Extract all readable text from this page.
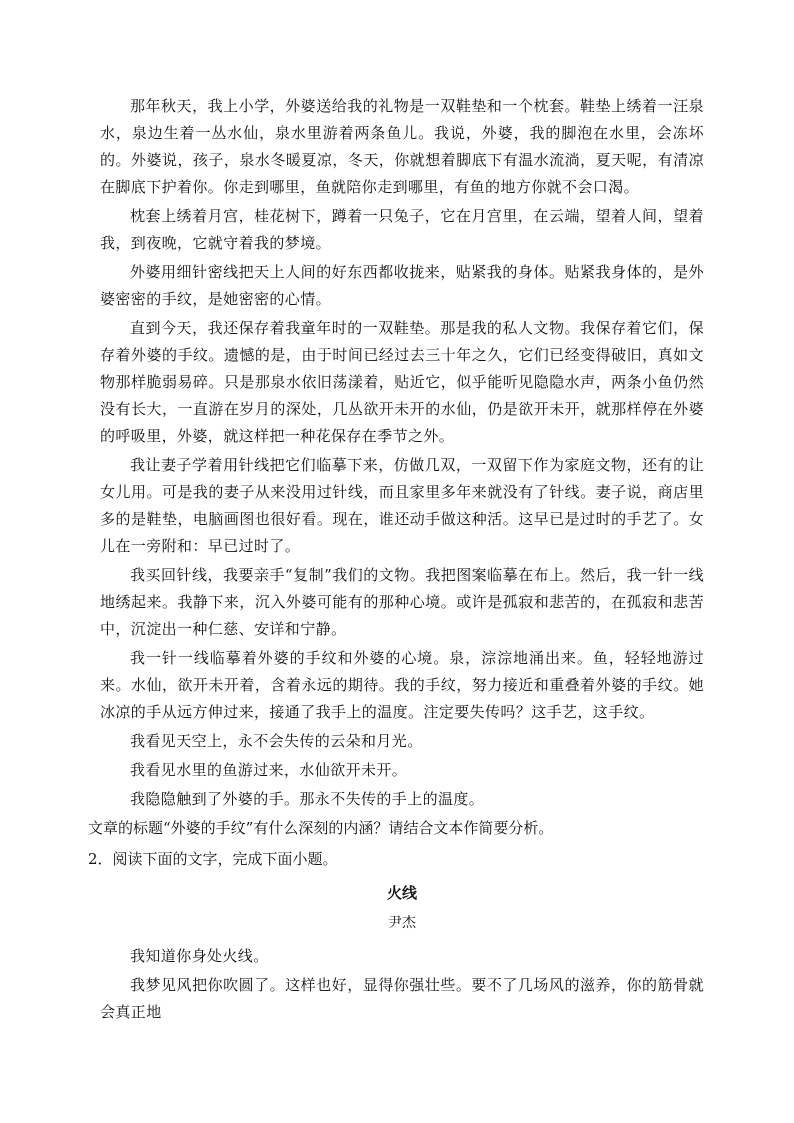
那年秋天，我上小学，外婆送给我的礼物是一双鞋垫和一个枕套。鞋垫上绣着一汪泉水，泉边生着一丛水仙，泉水里游着两条鱼儿。我说，外婆，我的脚泡在水里，会冻坏的。外婆说，孩子，泉水冬暖夏凉，冬天，你就想着脚底下有温水流淌，夏天呢，有清凉在脚底下护着你。你走到哪里，鱼就陪你走到哪里，有鱼的地方你就不会口渴。

枕套上绣着月宫，桂花树下，蹲着一只兔子，它在月宫里，在云端，望着人间，望着我，到夜晚，它就守着我的梦境。

外婆用细针密线把天上人间的好东西都收拢来，贴紧我的身体。贴紧我身体的，是外婆密密的手纹，是她密密的心情。

直到今天，我还保存着我童年时的一双鞋垫。那是我的私人文物。我保存着它们，保存着外婆的手纹。遗憾的是，由于时间已经过去三十年之久，它们已经变得破旧，真如文物那样脆弱易碎。只是那泉水依旧荡漾着，贴近它，似乎能听见隐隐水声，两条小鱼仍然没有长大，一直游在岁月的深处，几丛欲开未开的水仙，仍是欲开未开，就那样停在外婆的呼吸里，外婆，就这样把一种花保存在季节之外。

我让妻子学着用针线把它们临摹下来，仿做几双，一双留下作为家庭文物，还有的让女儿用。可是我的妻子从来没用过针线，而且家里多年来就没有了针线。妻子说，商店里多的是鞋垫，电脑画图也很好看。现在，谁还动手做这种活。这早已是过时的手艺了。女儿在一旁附和：早已过时了。

我买回针线，我要亲手“复制”我们的文物。我把图案临摹在布上。然后，我一针一线地绣起来。我静下来，沉入外婆可能有的那种心境。或许是孤寂和悲苦的，在孤寂和悲苦中，沉淀出一种仁慈、安详和宁静。

我一针一线临摹着外婆的手纹和外婆的心境。泉，淙淙地涌出来。鱼，轻轻地游过来。水仙，欲开未开着，含着永远的期待。我的手纹，努力接近和重叠着外婆的手纹。她冰凉的手从远方伸过来，接通了我手上的温度。注定要失传吗？这手艺，这手纹。

我看见天空上，永不会失传的云朵和月光。

我看见水里的鱼游过来，水仙欲开未开。

我隐隐触到了外婆的手。那永不失传的手上的温度。

文章的标题“外婆的手纹”有什么深刻的内涵？请结合文本作简要分析。

2．阅读下面的文字，完成下面小题。

火线
尹杰

我知道你身处火线。

我梦见风把你吹圆了。这样也好，显得你强壮些。要不了几场风的滋养，你的筋骨就会真正地
